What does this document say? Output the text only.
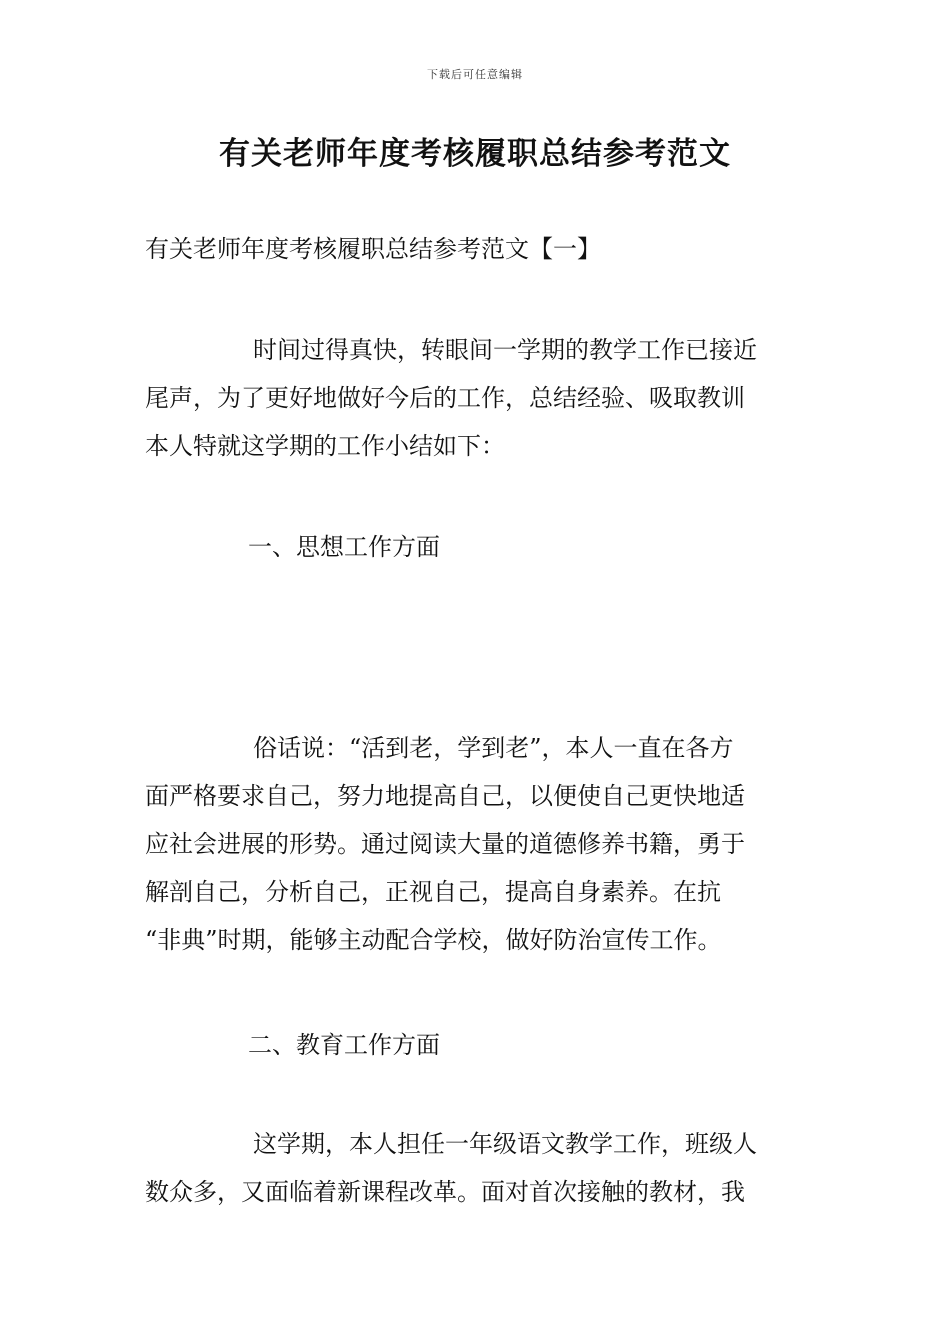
下载后可任意编辑
有关老师年度考核履职总结参考范文
有关老师年度考核履职总结参考范文【一】
时间过得真快，转眼间一学期的教学工作已接近
尾声，为了更好地做好今后的工作，总结经验、吸取教训
本人特就这学期的工作小结如下：
一、思想工作方面
俗话说：“活到老，学到老”，本人一直在各方
面严格要求自己，努力地提高自己，以便使自己更快地适
应社会进展的形势。通过阅读大量的道德修养书籍，勇于
解剖自己，分析自己，正视自己，提高自身素养。在抗
“非典”时期，能够主动配合学校，做好防治宣传工作。
二、教育工作方面
这学期，本人担任一年级语文教学工作，班级人
数众多，又面临着新课程改革。面对首次接触的教材，我
